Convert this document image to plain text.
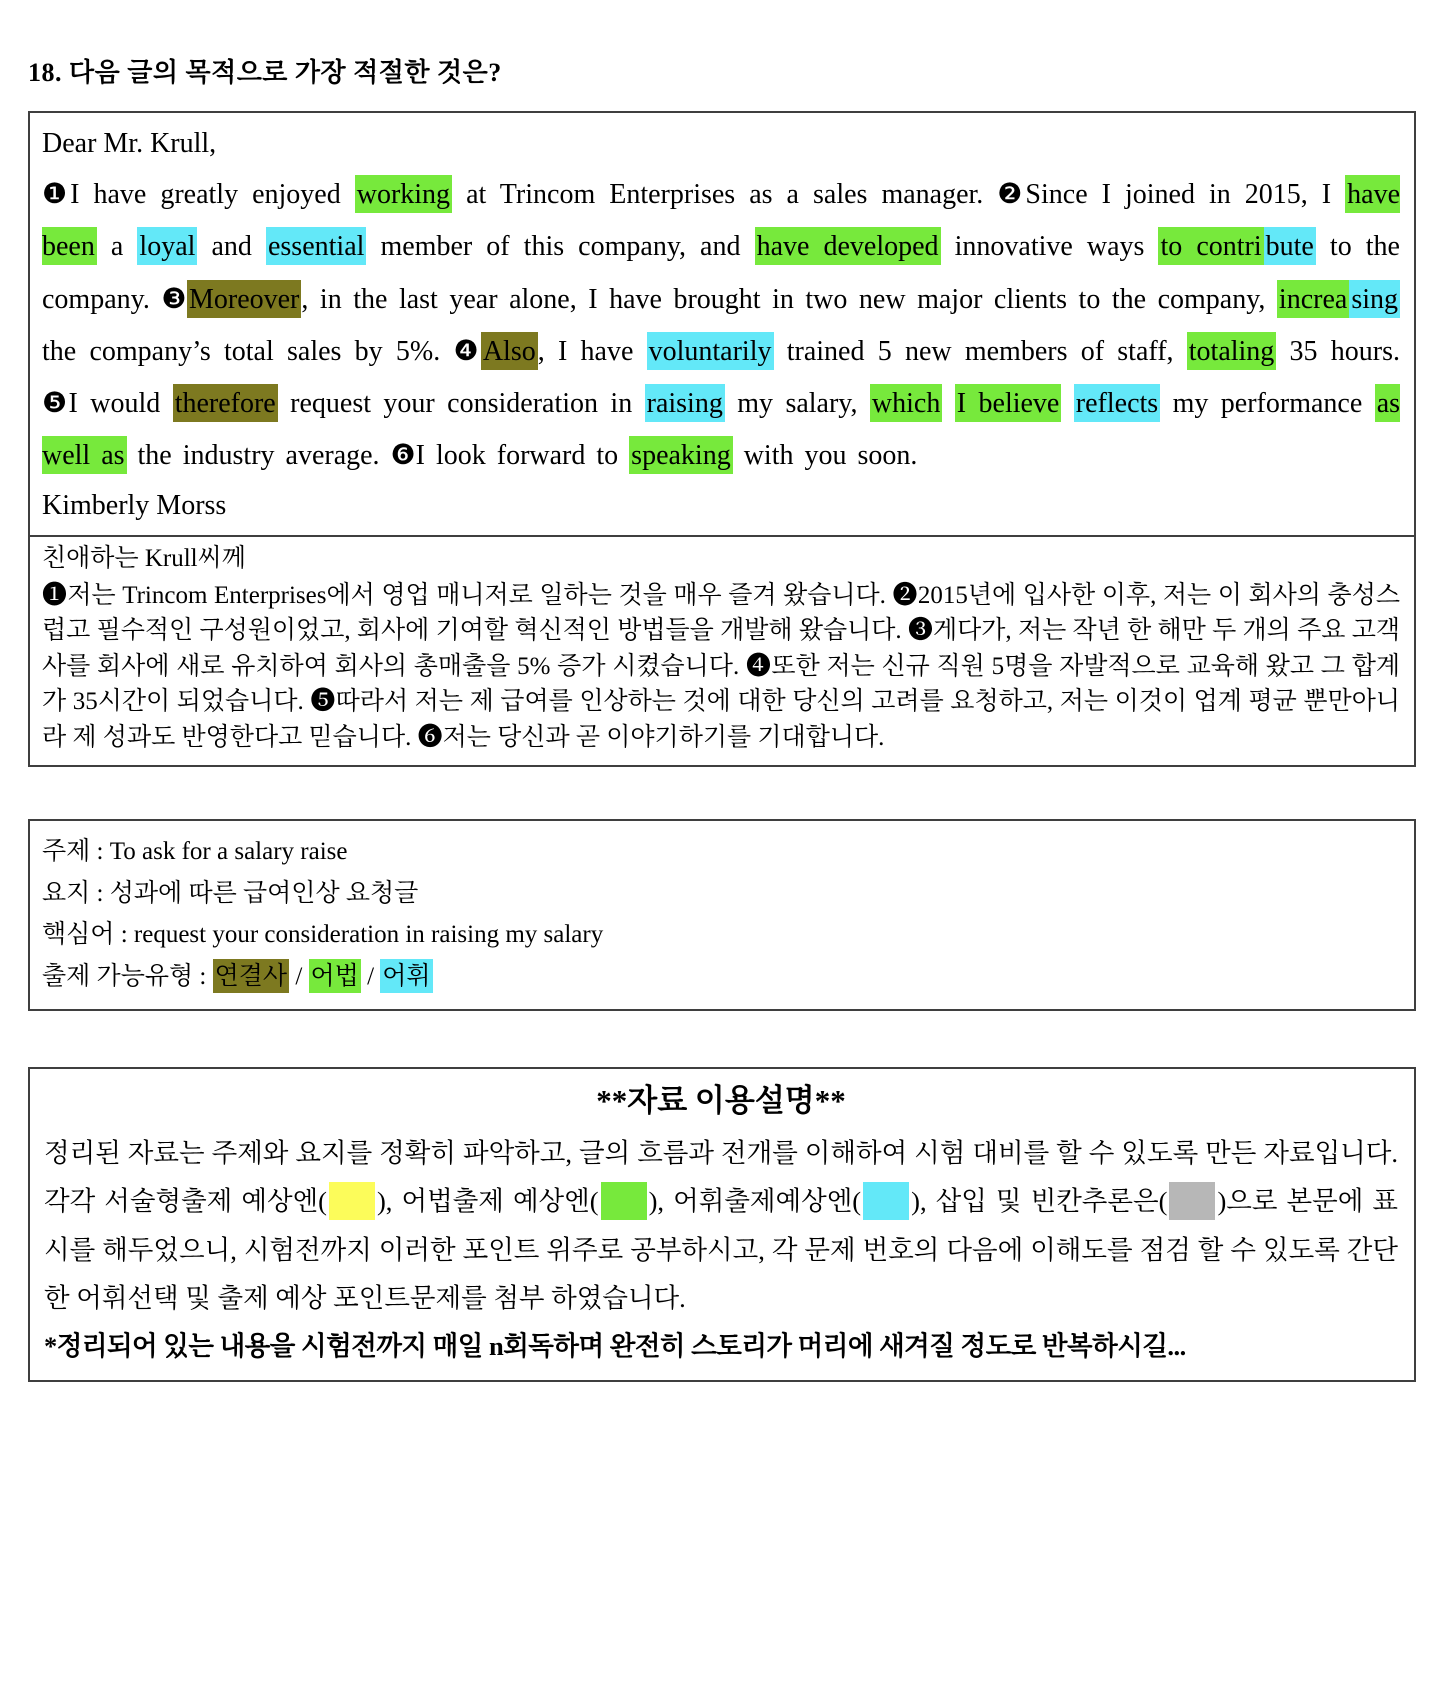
18. 다음 글의 목적으로 가장 적절한 것은?
Dear Mr. Krull,
❶I have greatly enjoyed working at Trincom Enterprises as a sales manager. ❷Since I joined in 2015, I have been a loyal and essential member of this company, and have developed innovative ways to contri bute to the company. ❸Moreover, in the last year alone, I have brought in two new major clients to the company, increa sing the company’s total sales by 5%. ❹Also, I have voluntarily trained 5 new members of staff, totaling 35 hours. ❺I would therefore request your consideration in raising my salary, which I believe reflects my performance as well as the industry average. ❻I look forward to speaking with you soon.
Kimberly Morss
친애하는 Krull씨께
❶저는 Trincom Enterprises에서 영업 매니저로 일하는 것을 매우 즐겨 왔습니다. ❷2015년에 입사한 이후, 저는 이 회사의 충성스럽고 필수적인 구성원이었고, 회사에 기여할 혁신적인 방법들을 개발해 왔습니다. ❸게다가, 저는 작년 한 해만 두 개의 주요 고객사를 회사에 새로 유치하여 회사의 총매출을 5% 증가 시켰습니다. ❹또한 저는 신규 직원 5명을 자발적으로 교육해 왔고 그 합계가 35시간이 되었습니다. ❺따라서 저는 제 급여를 인상하는 것에 대한 당신의 고려를 요청하고, 저는 이것이 업계 평균 뿐만아니라 제 성과도 반영한다고 믿습니다. ❻저는 당신과 곧 이야기하기를 기대합니다.
주제 : To ask for a salary raise
요지 : 성과에 따른 급여인상 요청글
핵심어 : request your consideration in raising my salary
출제 가능유형 : 연결사 / 어법 / 어휘
**자료 이용설명**
정리된 자료는 주제와 요지를 정확히 파악하고, 글의 흐름과 전개를 이해하여 시험 대비를 할 수 있도록 만든 자료입니다. 각각 서술형출제 예상엔( ), 어법출제 예상엔( ), 어휘출제예상엔( ), 삽입 및 빈칸추론은( )으로 본문에 표시를 해두었으니, 시험전까지 이러한 포인트 위주로 공부하시고, 각 문제 번호의 다음에 이해도를 점검 할 수 있도록 간단한 어휘선택 및 출제 예상 포인트문제를 첨부 하였습니다.
*정리되어 있는 내용을 시험전까지 매일 n회독하며 완전히 스토리가 머리에 새겨질 정도로 반복하시길...
